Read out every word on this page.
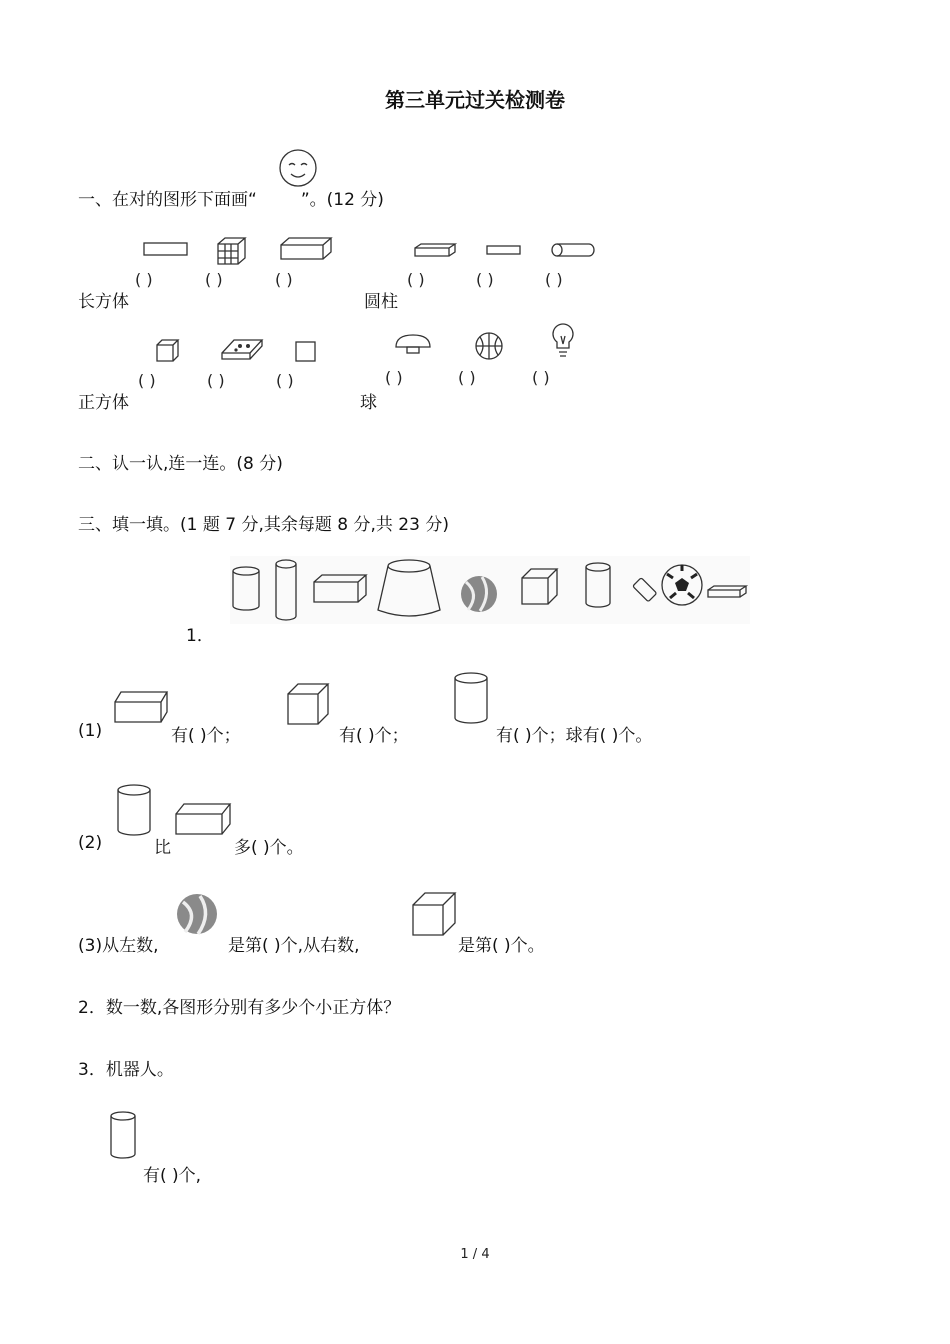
第三单元过关检测卷
一、在对的图形下面画“	”。(12 分)
长方体
( )	( )	( )
圆柱
( )	( )	( )
正方体
( )	( )	( )
球
( )	( )	( )
二、认一认,连一连。(8 分)
三、填一填。(1 题 7 分,其余每题 8 分,共 23 分)
1．
(1)	有( )个；	有( )个；	有( )个；球有( )个。
(2)	比	多( )个。
(3)从左数,	是第( )个,从右数,	是第( )个。
2．数一数,各图形分别有多少个小正方体？
3．机器人。
有( )个,
1 / 4
